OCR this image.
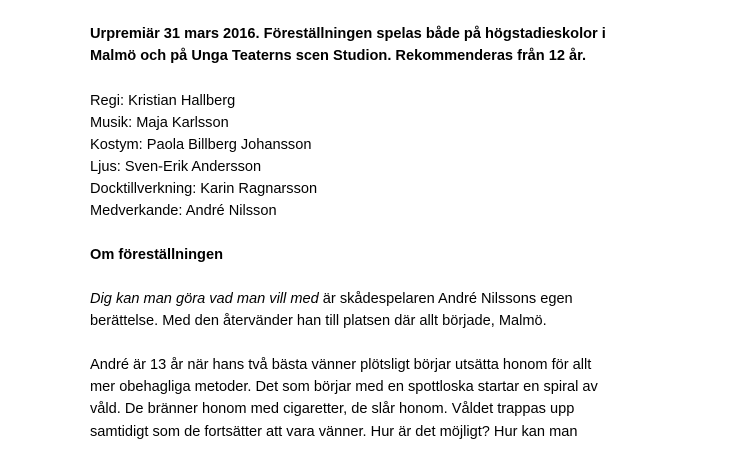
Urpremiär 31 mars 2016. Föreställningen spelas både på högstadieskolor i
Malmö och på Unga Teaterns scen Studion. Rekommenderas från 12 år.
Regi: Kristian Hallberg
Musik: Maja Karlsson
Kostym: Paola Billberg Johansson
Ljus: Sven-Erik Andersson
Docktillverkning: Karin Ragnarsson
Medverkande: André Nilsson
Om föreställningen
Dig kan man göra vad man vill med är skådespelaren André Nilssons egen
berättelse. Med den återvänder han till platsen där allt började, Malmö.
André är 13 år när hans två bästa vänner plötsligt börjar utsätta honom för allt
mer obehagliga metoder. Det som börjar med en spottloska startar en spiral av
våld. De bränner honom med cigaretter, de slår honom. Våldet trappas upp
samtidigt som de fortsätter att vara vänner. Hur är det möjligt? Hur kan man
